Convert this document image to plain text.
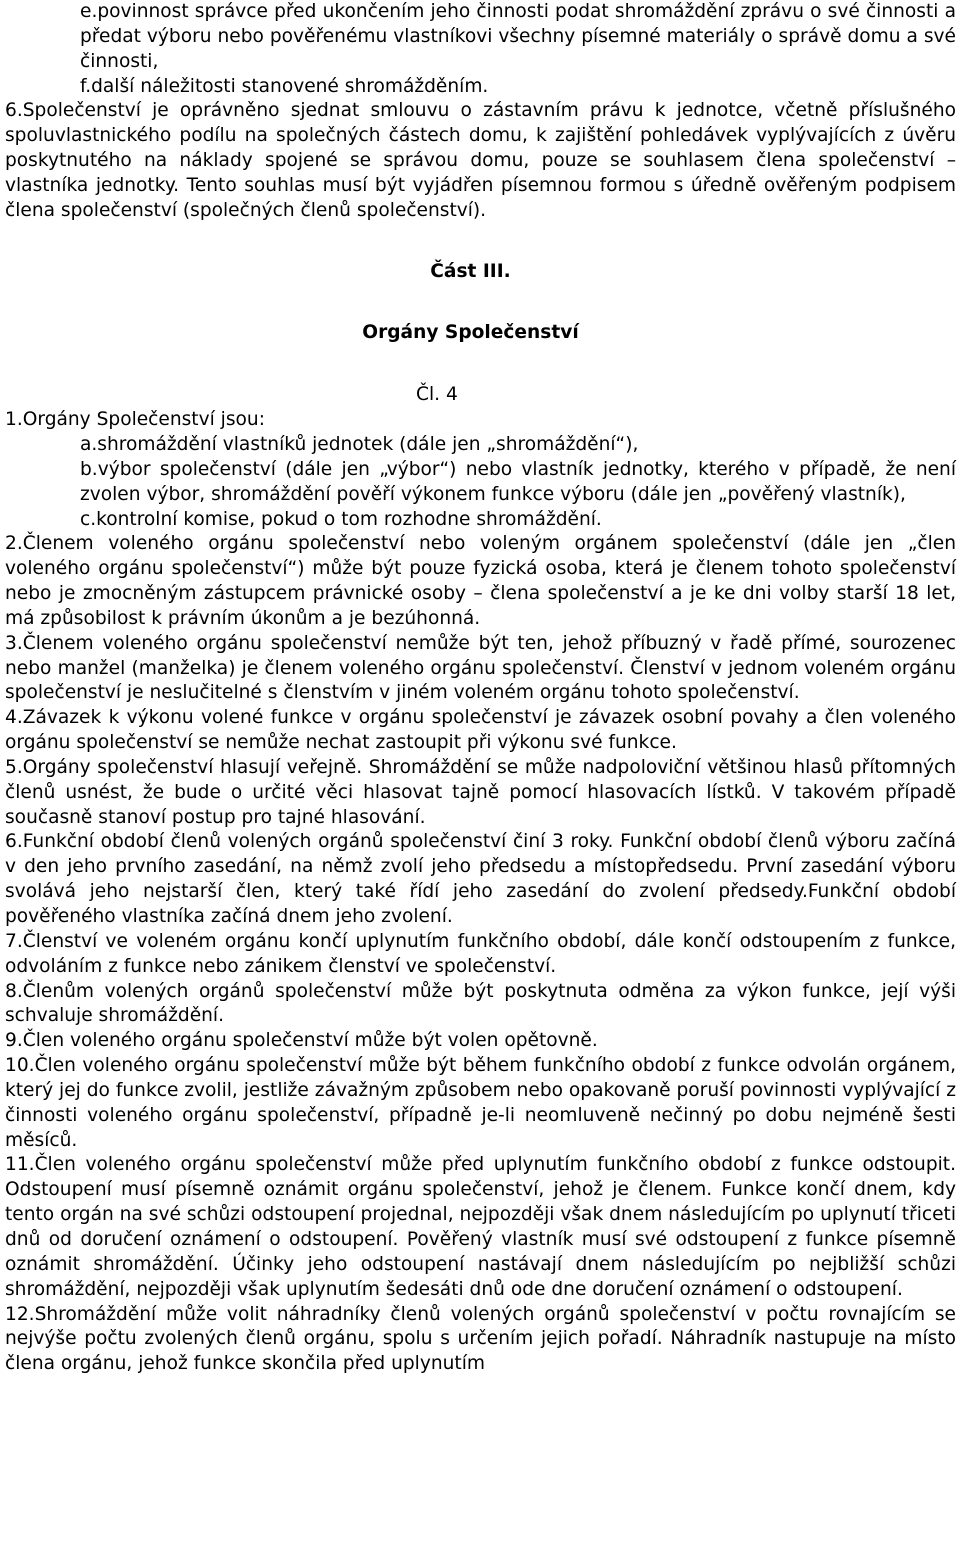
e.povinnost správce před ukončením jeho činnosti podat shromáždění zprávu o své činnosti a předat výboru nebo pověřenému vlastníkovi všechny písemné materiály o správě domu a své činnosti,

f.další náležitosti stanovené shromážděním.

6.Společenství je oprávněno sjednat smlouvu o zástavním právu k jednotce, včetně příslušného spoluvlastnického podílu na společných částech domu, k zajištění pohledávek vyplývajících z úvěru poskytnutého na náklady spojené se správou domu, pouze se souhlasem člena společenství – vlastníka jednotky. Tento souhlas musí být vyjádřen písemnou formou s úředně ověřeným podpisem člena společenství (společných členů společenství).

Část III.

Orgány Společenství

Čl. 4

1.Orgány Společenství jsou:

a.shromáždění vlastníků jednotek (dále jen „shromáždění“),

b.výbor společenství (dále jen „výbor“) nebo vlastník jednotky, kterého v případě, že není zvolen výbor, shromáždění pověří výkonem funkce výboru (dále jen „pověřený vlastník),

c.kontrolní komise, pokud o tom rozhodne shromáždění.

2.Členem voleného orgánu společenství nebo voleným orgánem společenství (dále jen „člen voleného orgánu společenství“) může být pouze fyzická osoba, která je členem tohoto společenství nebo je zmocněným zástupcem právnické osoby – člena společenství a je ke dni volby starší 18 let, má způsobilost k právním úkonům a je bezúhonná.

3.Členem voleného orgánu společenství nemůže být ten, jehož příbuzný v řadě přímé, sourozenec nebo manžel (manželka) je členem voleného orgánu společenství. Členství v jednom voleném orgánu společenství je neslučitelné s členstvím v jiném voleném orgánu tohoto společenství.

4.Závazek k výkonu volené funkce v orgánu společenství je závazek osobní povahy a člen voleného orgánu společenství se nemůže nechat zastoupit při výkonu své funkce.

5.Orgány společenství hlasují veřejně. Shromáždění se může nadpoloviční většinou hlasů přítomných členů usnést, že bude o určité věci hlasovat tajně pomocí hlasovacích lístků. V takovém případě současně stanoví postup pro tajné hlasování.

6.Funkční období členů volených orgánů společenství činí 3 roky. Funkční období členů výboru začíná v den jeho prvního zasedání, na němž zvolí jeho předsedu a místopředsedu. První zasedání výboru svolává jeho nejstarší člen, který také řídí jeho zasedání do zvolení předsedy.Funkční období pověřeného vlastníka začíná dnem jeho zvolení.

7.Členství ve voleném orgánu končí uplynutím funkčního období, dále končí odstoupením z funkce, odvoláním z funkce nebo zánikem členství ve společenství.

8.Členům volených orgánů společenství může být poskytnuta odměna za výkon funkce, její výši schvaluje shromáždění.

9.Člen voleného orgánu společenství může být volen opětovně.

10.Člen voleného orgánu společenství může být během funkčního období z funkce odvolán orgánem, který jej do funkce zvolil, jestliže závažným způsobem nebo opakovaně poruší povinnosti vyplývající z činnosti voleného orgánu společenství, případně je-li neomluveně nečinný po dobu nejméně šesti měsíců.

11.Člen voleného orgánu společenství může před uplynutím funkčního období z funkce odstoupit. Odstoupení musí písemně oznámit orgánu společenství, jehož je členem. Funkce končí dnem, kdy tento orgán na své schůzi odstoupení projednal, nejpozději však dnem následujícím po uplynutí třiceti dnů od doručení oznámení o odstoupení. Pověřený vlastník musí své odstoupení z funkce písemně oznámit shromáždění. Účinky jeho odstoupení nastávají dnem následujícím po nejbližší schůzi shromáždění, nejpozději však uplynutím šedesáti dnů ode dne doručení oznámení o odstoupení.

12.Shromáždění může volit náhradníky členů volených orgánů společenství v počtu rovnajícím se nejvýše počtu zvolených členů orgánu, spolu s určením jejich pořadí. Náhradník nastupuje na místo člena orgánu, jehož funkce skončila před uplynutím
